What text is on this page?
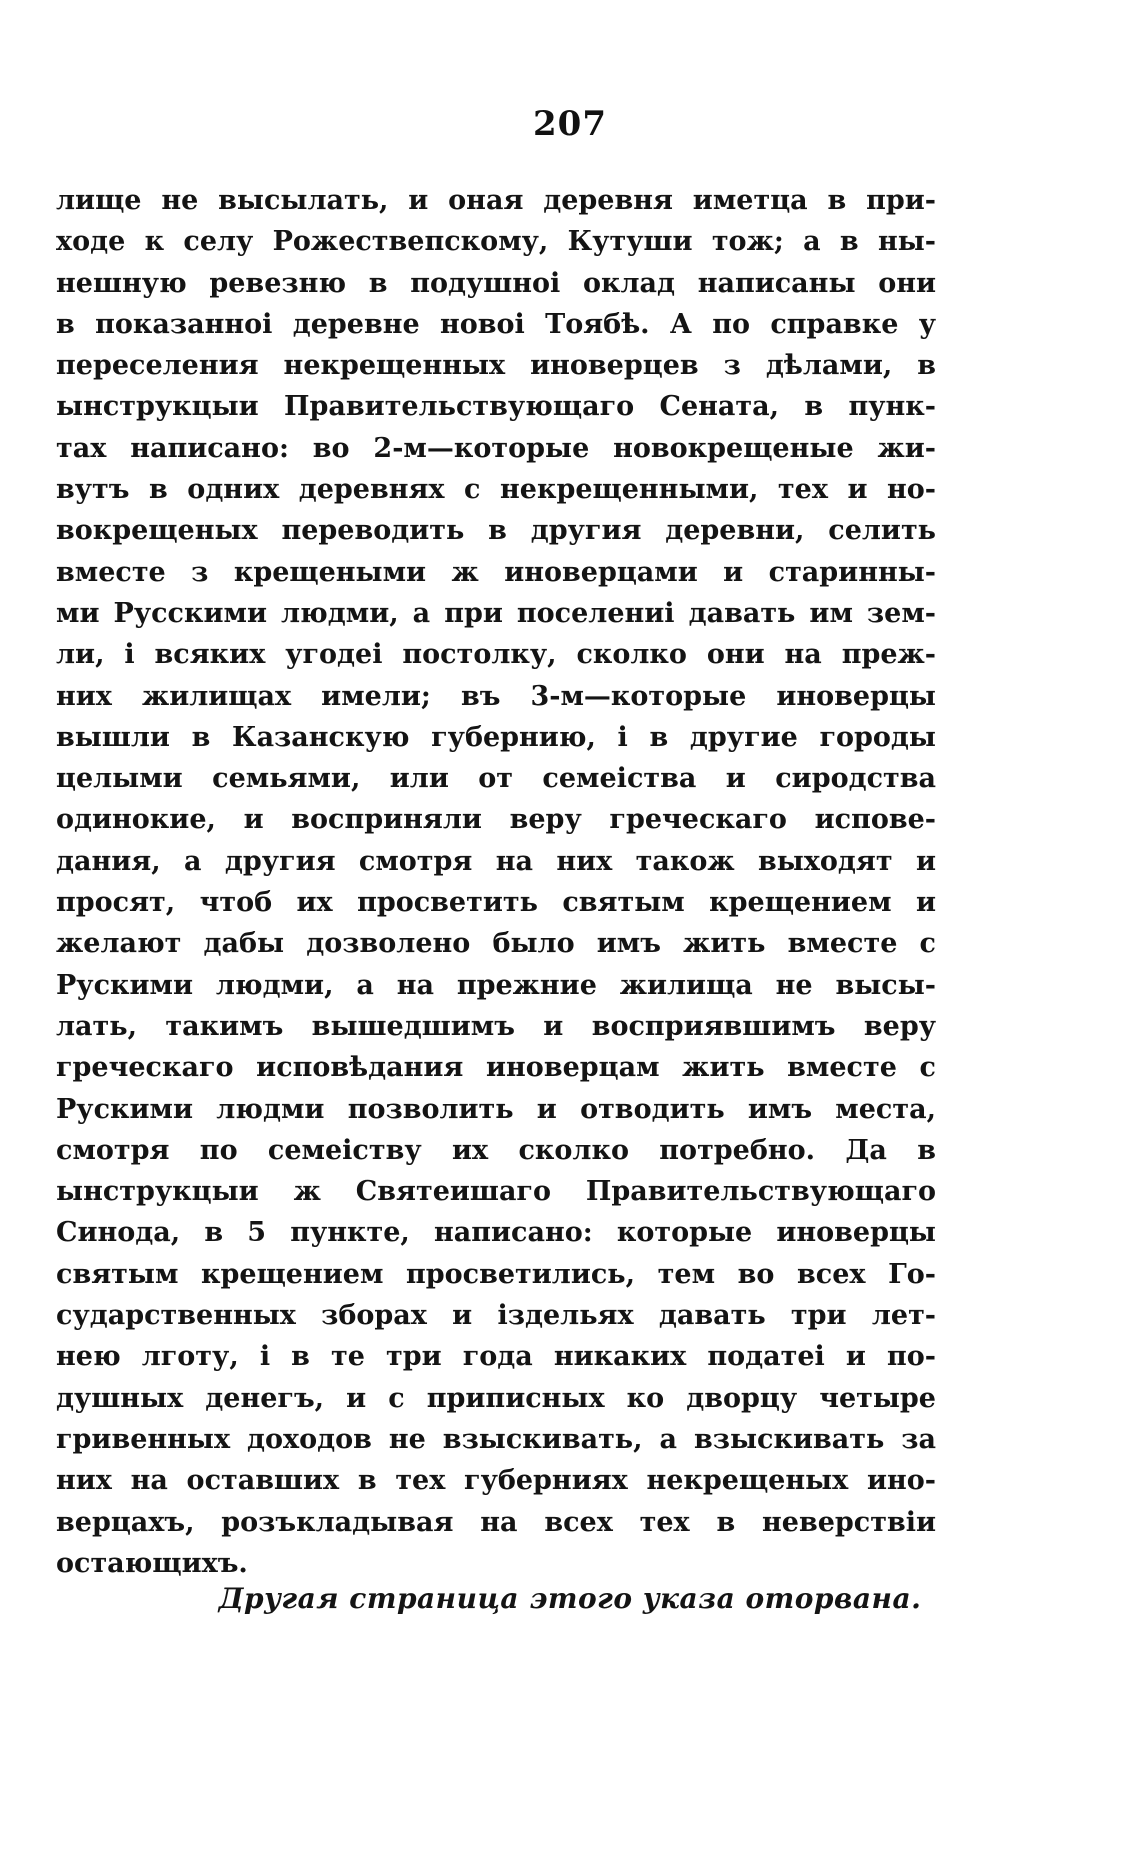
207
лище не высылать, и оная деревня иметца в при-
ходе к селу Рожествепскому, Кутуши тож; а в ны-
нешную ревезню в подушноі оклад написаны они
в показанноі деревне новоі Тоябѣ. А по справке у
переселения некрещенных иноверцев з дѣлами, в
ынструкцыи Правительствующаго Сената, в пунк-
тах написано: во 2-м—которые новокрещеные жи-
вутъ в одних деревнях с некрещенными, тех и но-
вокрещеных переводить в другия деревни, селить
вместе з крещеными ж иноверцами и старинны-
ми Русскими людми, а при поселениі давать им зем-
ли, і всяких угодеі постолку, сколко они на преж-
них жилищах имели; въ 3-м—которые иноверцы
вышли в Казанскую губернию, і в другие городы
целыми семьями, или от семеіства и сиродства
одинокие, и восприняли веру греческаго испове-
дания, а другия смотря на них також выходят и
просят, чтоб их просветить святым крещением и
желают дабы дозволено было имъ жить вместе с
Рускими людми, а на прежние жилища не высы-
лать, такимъ вышедшимъ и восприявшимъ веру
греческаго исповѣдания иноверцам жить вместе с
Рускими людми позволить и отводить имъ места,
смотря по семеіству их сколко потребно. Да в
ынструкцыи ж Святеишаго Правительствующаго
Синода, в 5 пункте, написано: которые иноверцы
святым крещением просветились, тем во всех Го-
сударственных зборах и іздельях давать три лет-
нею лготу, і в те три года никаких податеі и по-
душных денегъ, и с приписных ко дворцу четыре
гривенных доходов не взыскивать, а взыскивать за
них на оставших в тех губерниях некрещеных ино-
верцахъ, розъкладывая на всех тех в неверствіи
остающихъ.
Другая страница этого указа оторвана.
